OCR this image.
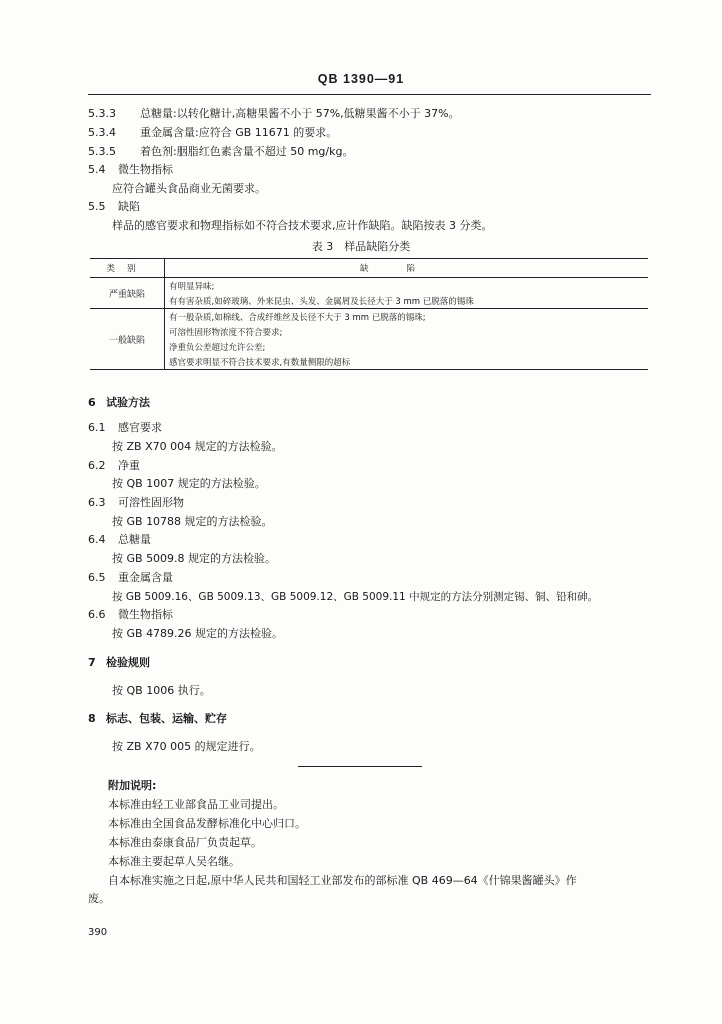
QB 1390—91
5.3.3 总糖量:以转化糖计,高糖果酱不小于 57%,低糖果酱不小于 37%。
5.3.4 重金属含量:应符合 GB 11671 的要求。
5.3.5 着色剂:胭脂红色素含量不超过 50 mg/kg。
5.4 微生物指标
应符合罐头食品商业无菌要求。
5.5 缺陷
样品的感官要求和物理指标如不符合技术要求,应计作缺陷。缺陷按表 3 分类。
表 3　样品缺陷分类
类别	缺陷
严重缺陷	有明显异味;
	有有害杂质,如碎玻璃、外来昆虫、头发、金属屑及长径大于 3 mm 已脱落的锡珠
一般缺陷	有一般杂质,如棉线、合成纤维丝及长径不大于 3 mm 已脱落的锡珠;
	可溶性固形物浓度不符合要求;
	净重负公差超过允许公差;
	感官要求明显不符合技术要求,有数量侧限的超标
6 试验方法
6.1 感官要求
按 ZB X70 004 规定的方法检验。
6.2 净重
按 QB 1007 规定的方法检验。
6.3 可溶性固形物
按 GB 10788 规定的方法检验。
6.4 总糖量
按 GB 5009.8 规定的方法检验。
6.5 重金属含量
按 GB 5009.16、GB 5009.13、GB 5009.12、GB 5009.11 中规定的方法分别测定锡、铜、铅和砷。
6.6 微生物指标
按 GB 4789.26 规定的方法检验。
7 检验规则
按 QB 1006 执行。
8 标志、包装、运输、贮存
按 ZB X70 005 的规定进行。
附加说明:
本标准由轻工业部食品工业司提出。
本标准由全国食品发酵标准化中心归口。
本标准由泰康食品厂负责起草。
本标准主要起草人吴名继。
自本标准实施之日起,原中华人民共和国轻工业部发布的部标准 QB 469—64《什锦果酱罐头》作
废。
390
